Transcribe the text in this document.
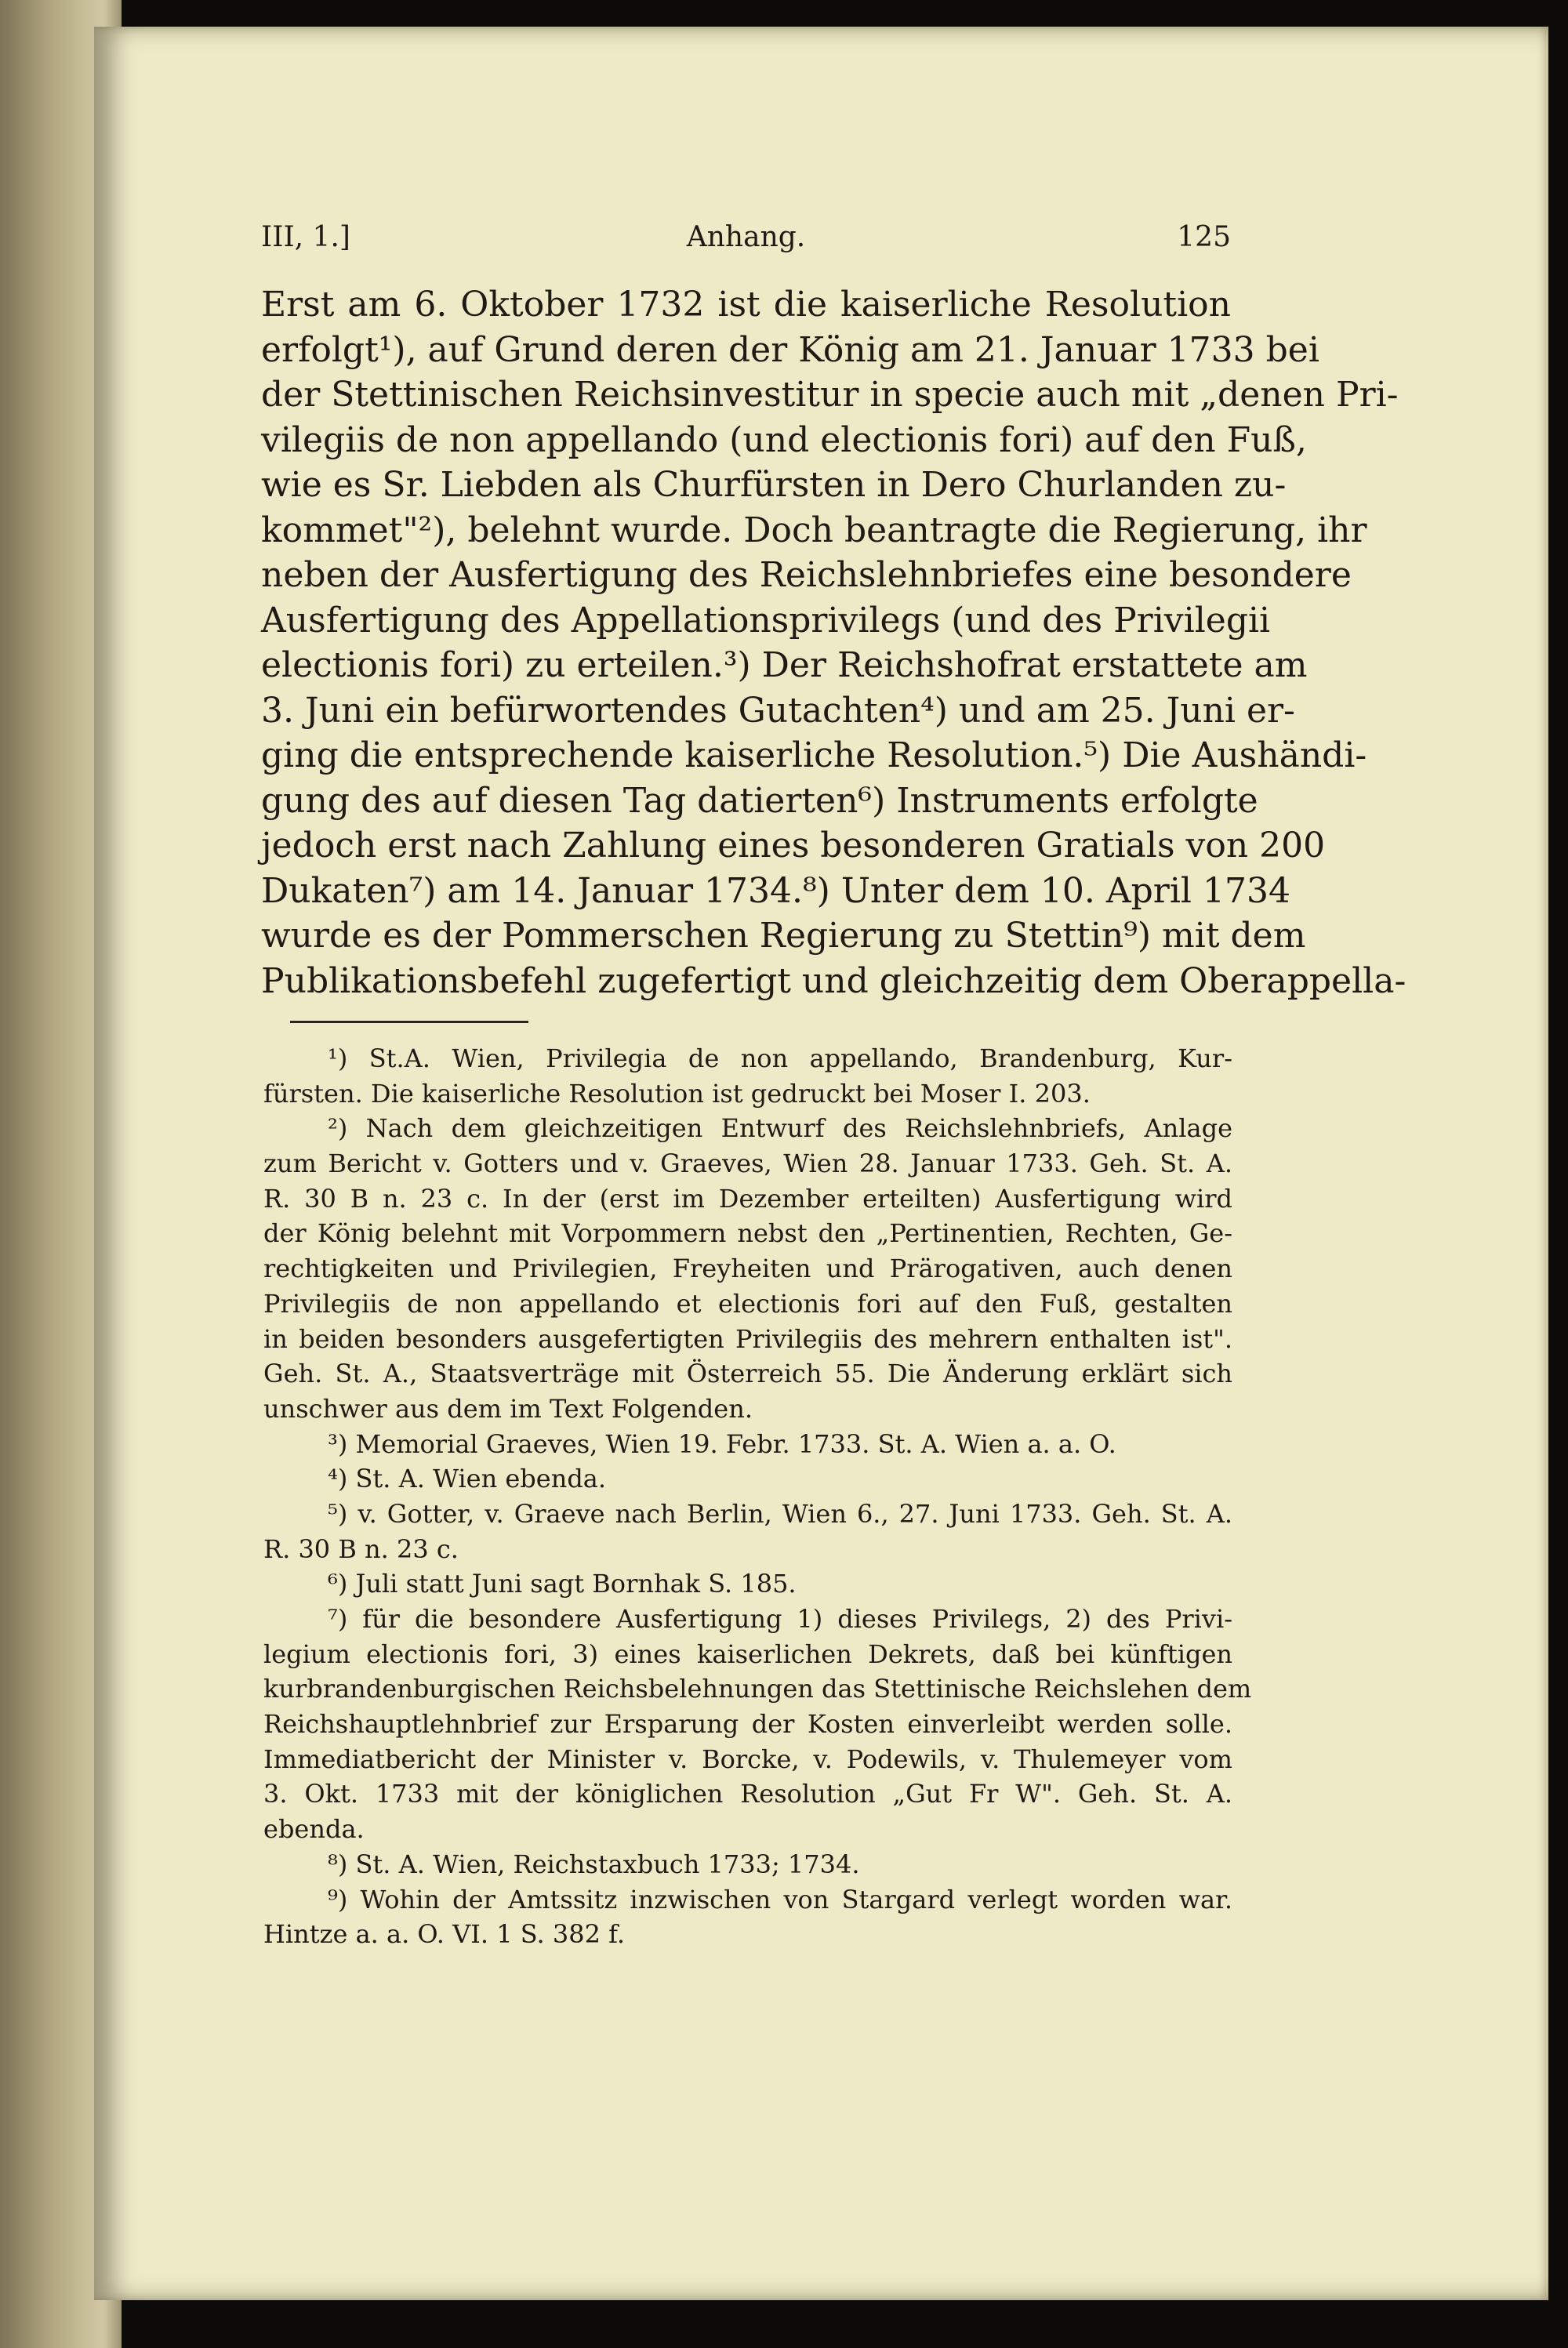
III, 1.]	Anhang.	125
Erst am 6. Oktober 1732 ist die kaiserliche Resolution
erfolgt¹), auf Grund deren der König am 21. Januar 1733 bei
der Stettinischen Reichsinvestitur in specie auch mit „denen Pri-
vilegiis de non appellando (und electionis fori) auf den Fuß,
wie es Sr. Liebden als Churfürsten in Dero Churlanden zu-
kommet"²), belehnt wurde. Doch beantragte die Regierung, ihr
neben der Ausfertigung des Reichslehnbriefes eine besondere
Ausfertigung des Appellationsprivilegs (und des Privilegii
electionis fori) zu erteilen.³) Der Reichshofrat erstattete am
3. Juni ein befürwortendes Gutachten⁴) und am 25. Juni er-
ging die entsprechende kaiserliche Resolution.⁵) Die Aushändi-
gung des auf diesen Tag datierten⁶) Instruments erfolgte
jedoch erst nach Zahlung eines besonderen Gratials von 200
Dukaten⁷) am 14. Januar 1734.⁸) Unter dem 10. April 1734
wurde es der Pommerschen Regierung zu Stettin⁹) mit dem
Publikationsbefehl zugefertigt und gleichzeitig dem Oberappella-
¹) St.A. Wien, Privilegia de non appellando, Brandenburg, Kur-
fürsten. Die kaiserliche Resolution ist gedruckt bei Moser I. 203.
²) Nach dem gleichzeitigen Entwurf des Reichslehnbriefs, Anlage
zum Bericht v. Gotters und v. Graeves, Wien 28. Januar 1733. Geh. St. A.
R. 30 B n. 23 c. In der (erst im Dezember erteilten) Ausfertigung wird
der König belehnt mit Vorpommern nebst den „Pertinentien, Rechten, Ge-
rechtigkeiten und Privilegien, Freyheiten und Prärogativen, auch denen
Privilegiis de non appellando et electionis fori auf den Fuß, gestalten
in beiden besonders ausgefertigten Privilegiis des mehrern enthalten ist".
Geh. St. A., Staatsverträge mit Österreich 55. Die Änderung erklärt sich
unschwer aus dem im Text Folgenden.
³) Memorial Graeves, Wien 19. Febr. 1733. St. A. Wien a. a. O.
⁴) St. A. Wien ebenda.
⁵) v. Gotter, v. Graeve nach Berlin, Wien 6., 27. Juni 1733. Geh. St. A.
R. 30 B n. 23 c.
⁶) Juli statt Juni sagt Bornhak S. 185.
⁷) für die besondere Ausfertigung 1) dieses Privilegs, 2) des Privi-
legium electionis fori, 3) eines kaiserlichen Dekrets, daß bei künftigen
kurbrandenburgischen Reichsbelehnungen das Stettinische Reichslehen dem
Reichshauptlehnbrief zur Ersparung der Kosten einverleibt werden solle.
Immediatbericht der Minister v. Borcke, v. Podewils, v. Thulemeyer vom
3. Okt. 1733 mit der königlichen Resolution „Gut Fr W". Geh. St. A.
ebenda.
⁸) St. A. Wien, Reichstaxbuch 1733; 1734.
⁹) Wohin der Amtssitz inzwischen von Stargard verlegt worden war.
Hintze a. a. O. VI. 1 S. 382 f.
